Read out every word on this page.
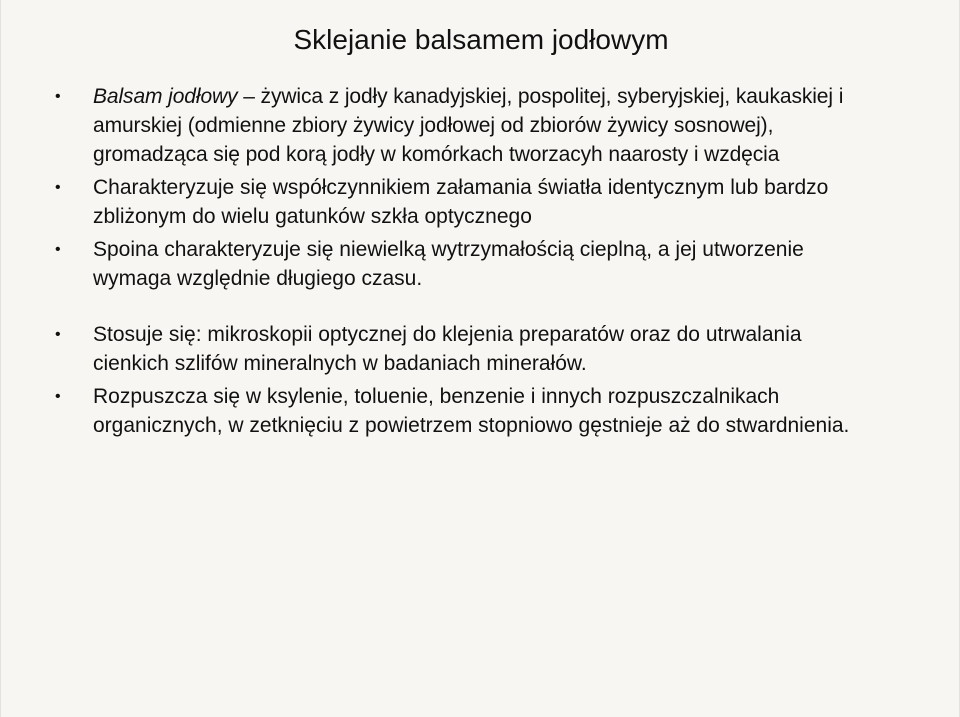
Sklejanie balsamem jodłowym
• Balsam jodłowy – żywica z jodły kanadyjskiej, pospolitej, syberyjskiej, kaukaskiej i amurskiej (odmienne zbiory żywicy jodłowej od zbiorów żywicy sosnowej), gromadząca się pod korą jodły w komórkach tworzacyh naarosty i wzdęcia
• Charakteryzuje się współczynnikiem załamania światła identycznym lub bardzo zbliżonym do wielu gatunków szkła optycznego
• Spoina charakteryzuje się niewielką wytrzymałością cieplną, a jej utworzenie wymaga względnie długiego czasu.
• Stosuje się: mikroskopii optycznej do klejenia preparatów oraz do utrwalania cienkich szlifów mineralnych w badaniach minerałów.
• Rozpuszcza się w ksylenie, toluenie, benzenie i innych rozpuszczalnikach organicznych, w zetknięciu z powietrzem stopniowo gęstnieje aż do stwardnienia.
